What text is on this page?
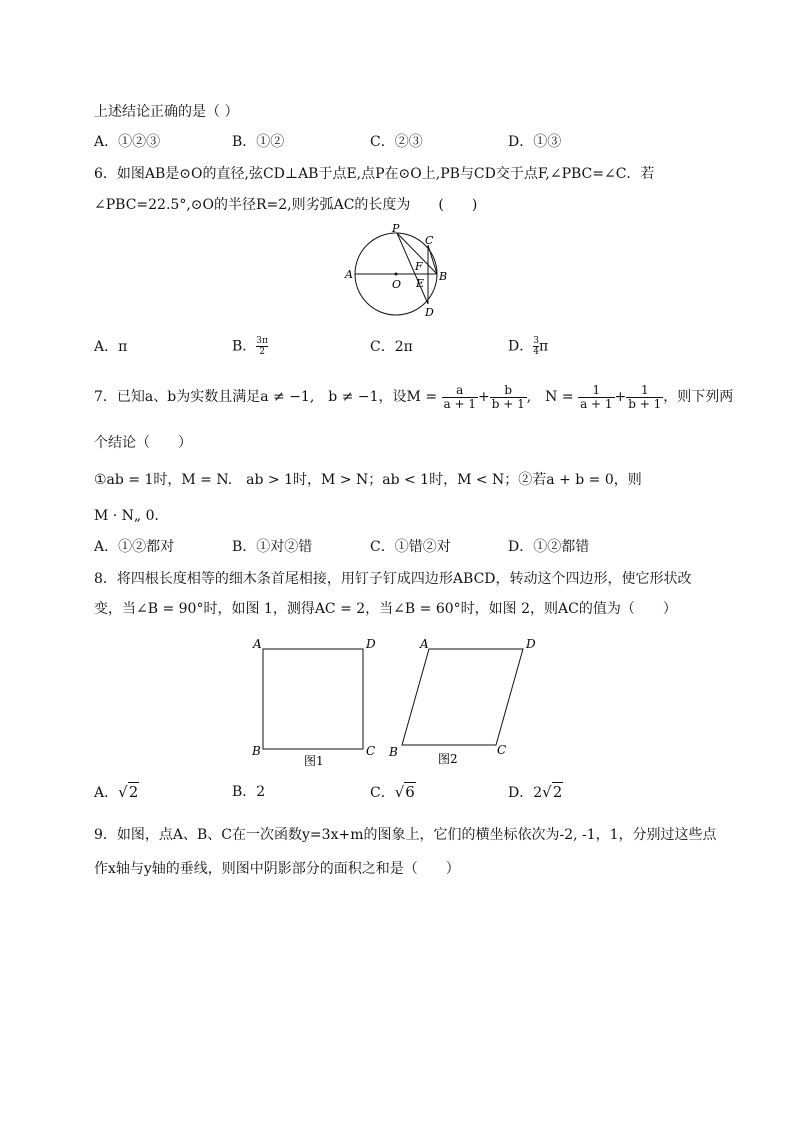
上述结论正确的是（ ）
A．①②③	B．①②	C．②③	D．①③
6．如图AB是⊙O的直径,弦CD⊥AB于点E,点P在⊙O上,PB与CD交于点F,∠PBC=∠C．若
∠PBC=22.5°,⊙O的半径R=2,则劣弧AC的长度为　　(　　)
P
C
F
A
O E
B
D
A．π	B． $\frac{3\pi}{2}$	C．2π	D． $\frac{3}{4}$ π
7．已知a、b为实数且满足a ≠ −1,　 b ≠ −1，设$M = \frac{a}{a + 1} + \frac{b}{b + 1}$ ,　 $N = \frac{1}{a + 1} + \frac{1}{b + 1}$ ，则下列两
个结论（　　）
①ab = 1时，M = N.　ab > 1时，M > N；ab < 1时，M < N；②若a + b = 0，则
M · N„ 0．
A．①②都对	B．①对②错	C．①错②对	D．①②都错
8．将四根长度相等的细木条首尾相接，用钉子钉成四边形ABCD，转动这个四边形，使它形状改
变，当∠B = 90°时，如图 1，测得AC = 2，当∠B = 60°时，如图 2，则AC的值为（　　）
A	D
B	C
图1
A	D
B	C
图2
A．√2	B．2	C．√6	D．2√2
9．如图，点A、B、C在一次函数y=3x+m的图象上，它们的横坐标依次为-2, -1，1，分别过这些点
作x轴与y轴的垂线，则图中阴影部分的面积之和是（　　）
